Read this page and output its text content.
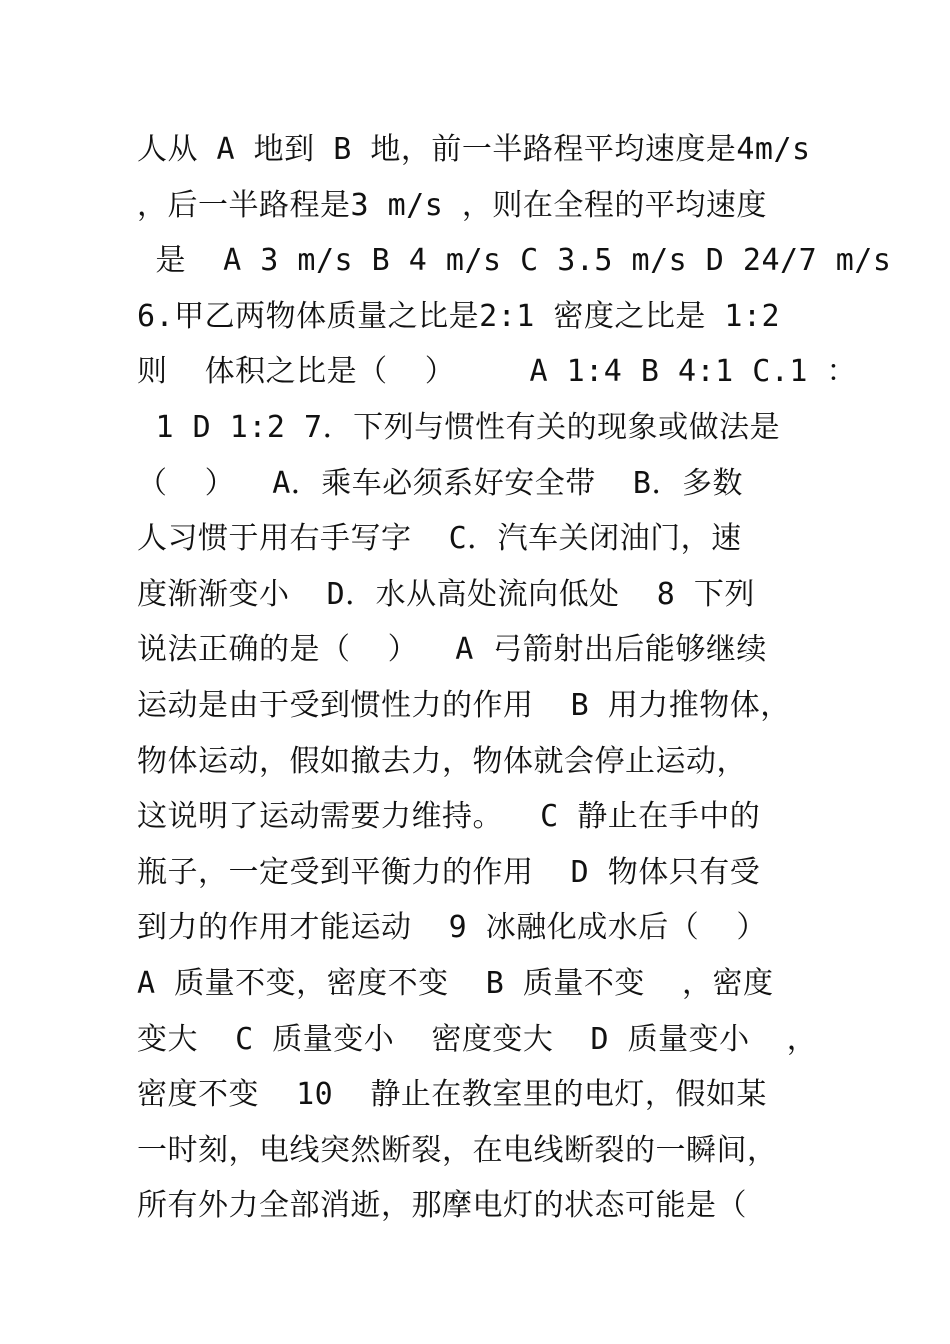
人从 A 地到 B 地，前一半路程平均速度是4m/s
，后一半路程是3 m/s ，则在全程的平均速度
是  A 3 m/s B 4 m/s C 3.5 m/s D 24/7 m/s
6.甲乙两物体质量之比是2:1 密度之比是 1:2
则  体积之比是（  ）    A 1:4 B 4:1 C.1 ：
1 D 1:2 7．下列与惯性有关的现象或做法是
（  ）  A．乘车必须系好安全带  B．多数
人习惯于用右手写字  C．汽车关闭油门，速
度渐渐变小  D．水从高处流向低处  8 下列
说法正确的是（  ）  A 弓箭射出后能够继续
运动是由于受到惯性力的作用  B 用力推物体，
物体运动，假如撤去力，物体就会停止运动，
这说明了运动需要力维持。  C 静止在手中的
瓶子，一定受到平衡力的作用  D 物体只有受
到力的作用才能运动  9 冰融化成水后（  ）
A 质量不变，密度不变  B 质量不变  ，密度
变大  C 质量变小  密度变大  D 质量变小  ，
密度不变  10  静止在教室里的电灯，假如某
一时刻，电线突然断裂，在电线断裂的一瞬间，
所有外力全部消逝，那摩电灯的状态可能是（
